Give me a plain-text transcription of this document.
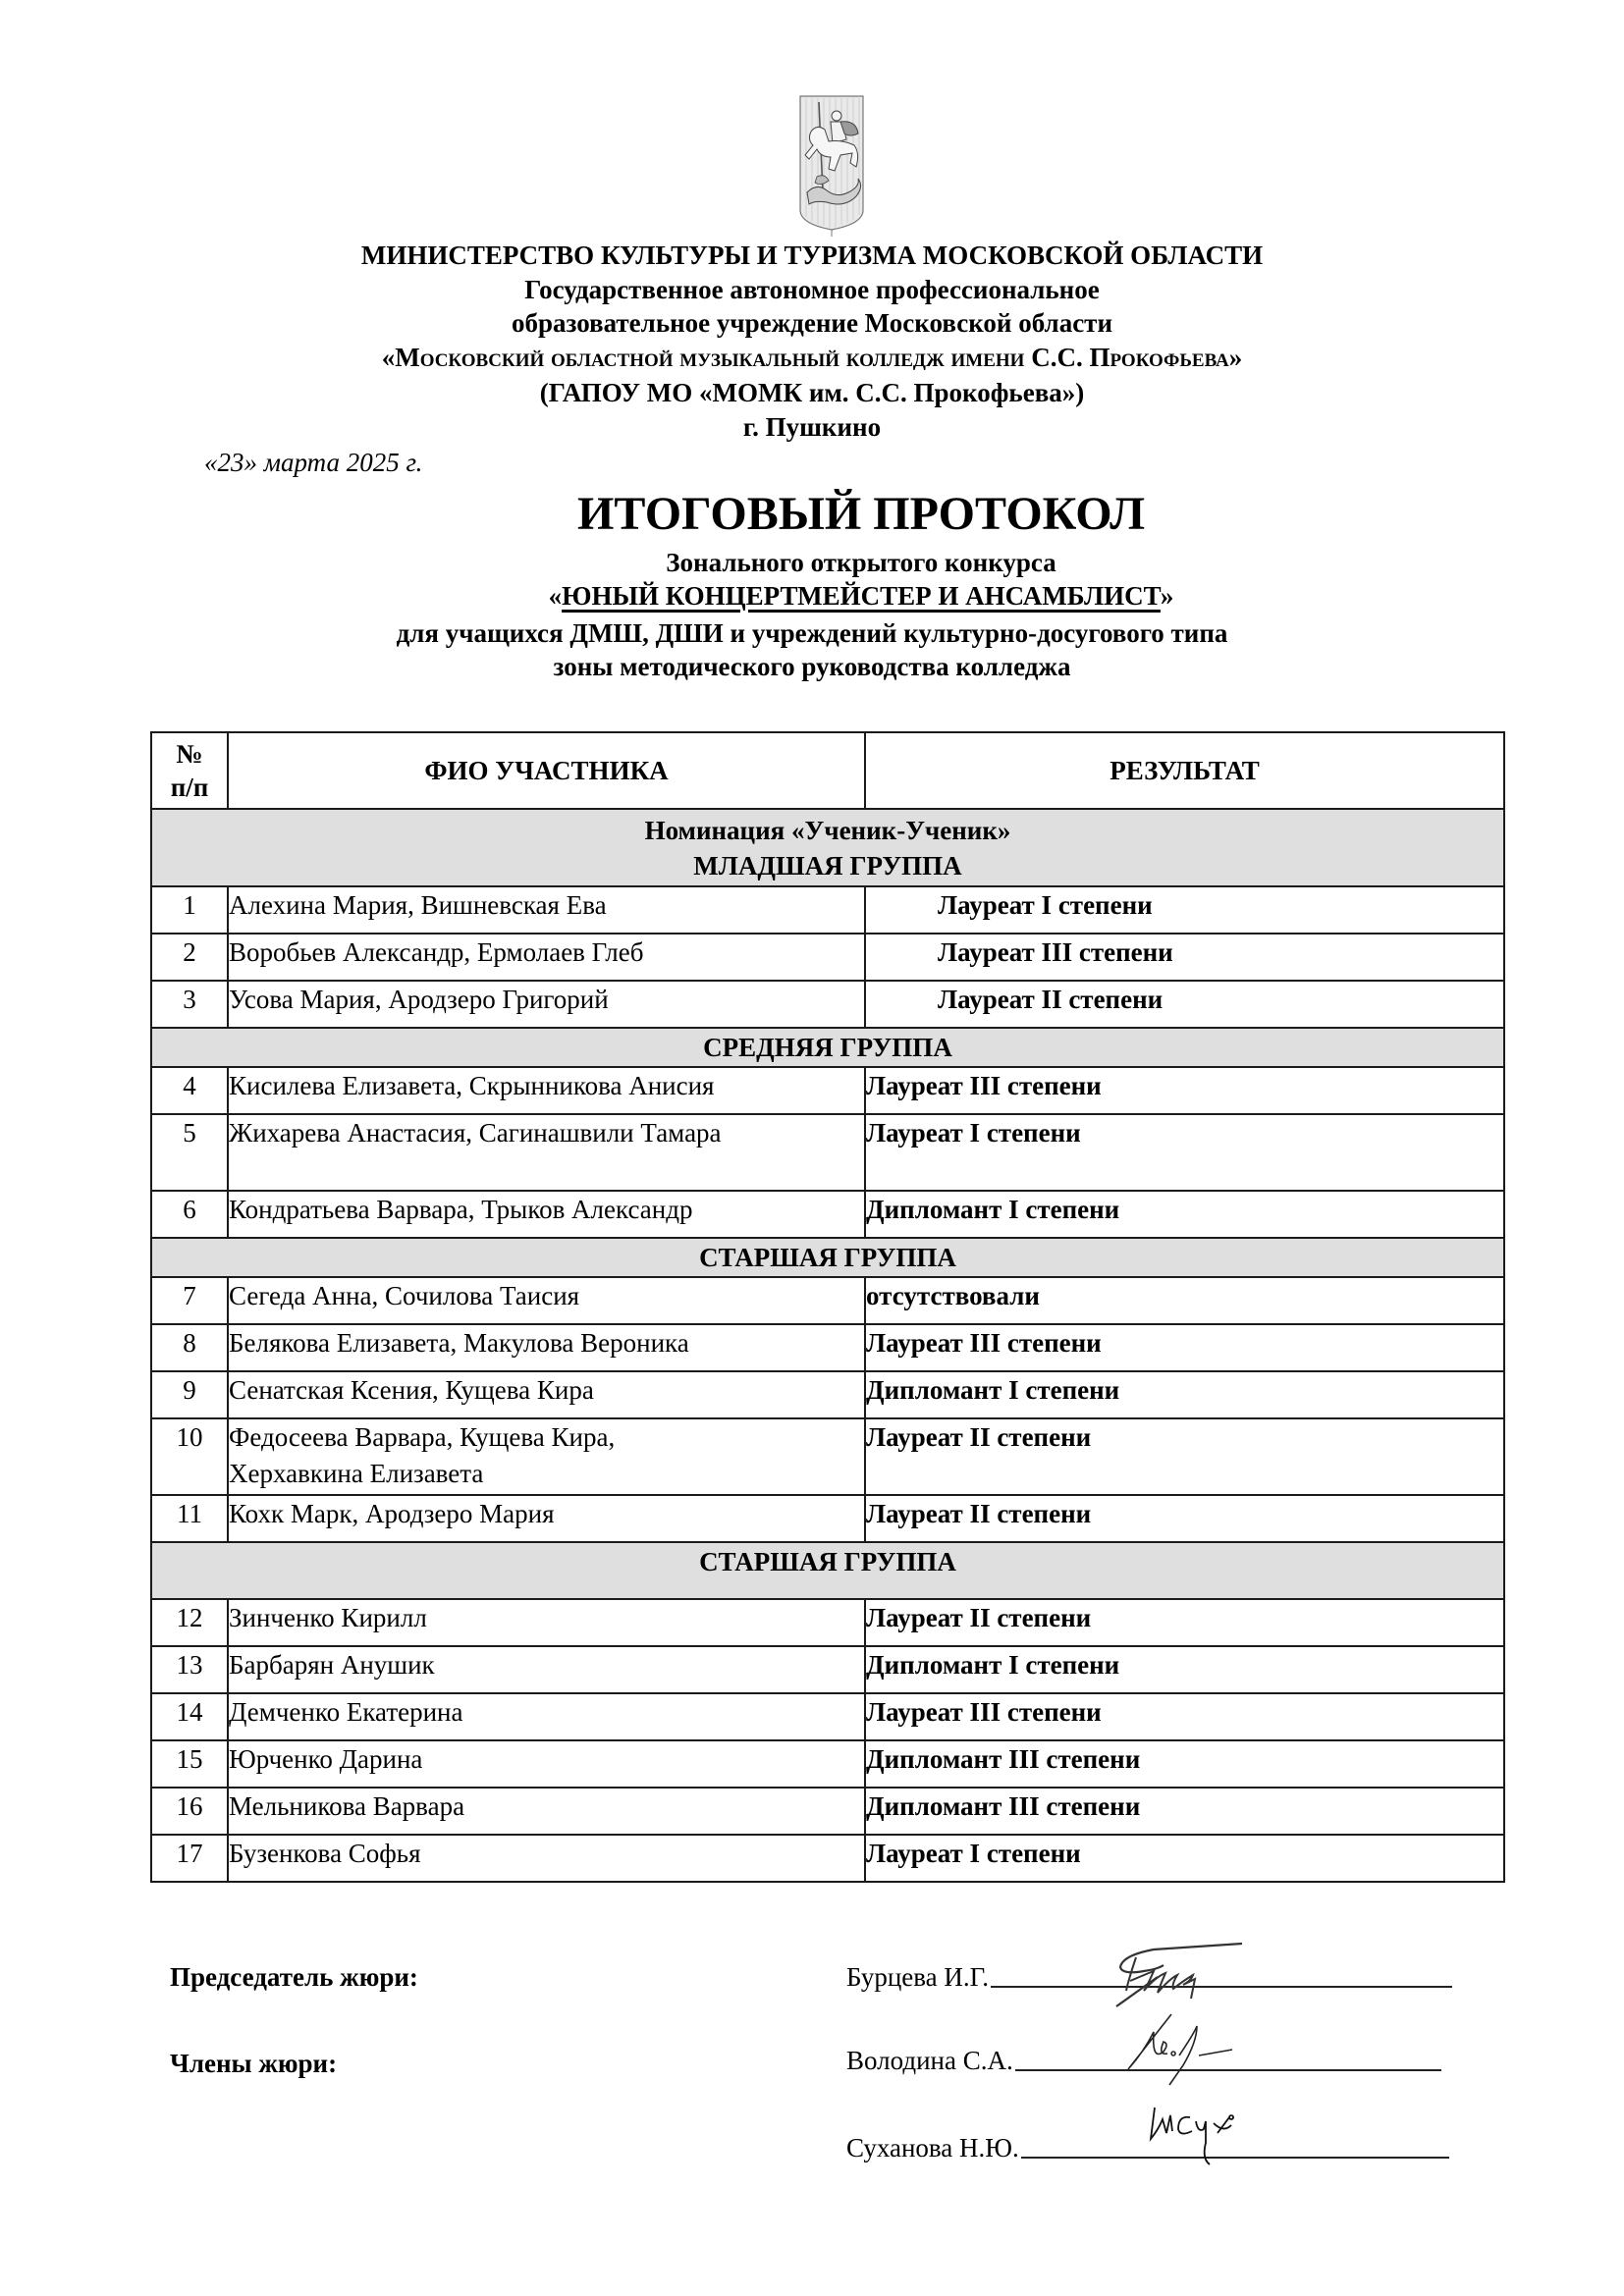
МИНИСТЕРСТВО КУЛЬТУРЫ И ТУРИЗМА МОСКОВСКОЙ ОБЛАСТИ
Государственное автономное профессиональное
образовательное учреждение Московской области
«Московский областной музыкальный колледж имени С.С. Прокофьева»
(ГАПОУ МО «МОМК им. С.С. Прокофьева»)
г. Пушкино
«23» марта 2025 г.
ИТОГОВЫЙ ПРОТОКОЛ
Зонального открытого конкурса
«ЮНЫЙ КОНЦЕРТМЕЙСТЕР И АНСАМБЛИСТ»
для учащихся ДМШ, ДШИ и учреждений культурно-досугового типа
зоны методического руководства колледжа
№
п/п	ФИО УЧАСТНИКА	РЕЗУЛЬТАТ

Номинация «Ученик-Ученик»
МЛАДШАЯ ГРУППА		

1	Алехина Мария, Вишневская Ева	Лауреат I степени
2	Воробьев Александр, Ермолаев Глеб	Лауреат III степени
3	Усова Мария, Ародзеро Григорий	Лауреат II степени
СРЕДНЯЯ ГРУППА		
4	Кисилева Елизавета, Скрынникова Анисия	Лауреат III степени
5	Жихарева Анастасия, Сагинашвили Тамара	Лауреат I степени
6	Кондратьева Варвара, Трыков Александр	Дипломант I степени
СТАРШАЯ ГРУППА		
7	Сегеда Анна, Сочилова Таисия	отсутствовали
8	Белякова Елизавета, Макулова Вероника	Лауреат III степени
9	Сенатская Ксения, Кущева Кира	Дипломант I степени
10	Федосеева Варвара, Кущева Кира, Херхавкина Елизавета	Лауреат II степени
11	Кохк Марк, Ародзеро Мария	Лауреат II степени
СТАРШАЯ ГРУППА		
12	Зинченко Кирилл	Лауреат II степени
13	Барбарян Анушик	Дипломант I степени
14	Демченко Екатерина	Лауреат III степени
15	Юрченко Дарина	Дипломант III степени
16	Мельникова Варвара	Дипломант III степени
17	Бузенкова Софья	Лауреат I степени
Председатель жюри:
Члены жюри:
Бурцева И.Г.
Володина С.А.
Суханова Н.Ю.
